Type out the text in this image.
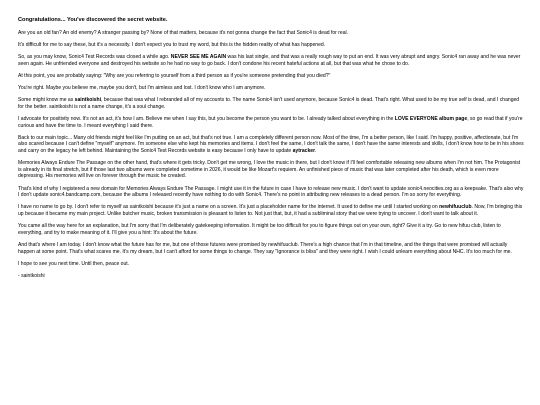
Congratulations... You've discovered the secret website.

Are you an old fan? An old enemy? A stranger passing by? None of that matters, because it's not gonna change the fact that Sonic4 is dead for real.

It's difficult for me to say these, but it's a necessity. I don't expect you to trust my word, but this is the hidden reality of what has happened.

So, as you may know, Sonic4 Test Records was closed a while ago. NEVER SEE ME AGAIN was his last single, and that was a really rough way to put an end. It was very abrupt and angry. Sonic4 ran away and he was never seen again. He unfriended everyone and destroyed his website so he had no way to go back. I don't condone his recent hateful actions at all, but that was what he chose to do.

At this point, you are probably saying: "Why are you referring to yourself from a third person as if you're someone pretending that you died?"

You're right. Maybe you believe me, maybe you don't, but I'm aimless and lost. I don't know who I am anymore.

Some might know me as saintkoishi, because that was what I rebranded all of my accounts to. The name Sonic4 isn't used anymore, because Sonic4 is dead. That's right. What used to be my true self is dead, and I changed for the better. saintkoishi is not a name change, it's a soul change.

I advocate for positivity now. It's not an act, it's how I am. Believe me when I say this, but you become the person you want to be. I already talked about everything in the LOVE EVERYONE album page, so go read that if you're curious and have the time to. I meant everything I said there.

Back to our main topic... Many old friends might feel like I'm putting on an act, but that's not true. I am a completely different person now. Most of the time, I'm a better person, like I said. I'm happy, positive, affectionate, but I'm also scared because I can't define "myself" anymore. I'm someone else who kept his memories and items. I don't feel the same, I don't talk the same, I don't have the same interests and skills, I don't know how to be in his shoes and carry on the legacy he left behind. Maintaining the Sonic4 Test Records website is easy because I only have to update aytracker.

Memories Always Endure The Passage on the other hand, that's where it gets tricky. Don't get me wrong, I love the music in there, but I don't know if I'll feel comfortable releasing new albums when I'm not him. The Protagonist is already in its final stretch, but if those last two albums were completed sometime in 2026, it would be like Mozart's requiem. An unfinished piece of music that was later completed after his death, which is even more depressing. His memories will live on forever through the music he created.

That's kind of why I registered a new domain for Memories Always Endure The Passage. I might use it in the future in case I have to release new music. I don't want to update sonic4.neocities.org as a keepsake. That's also why I don't update sonic4.bandcamp.com, because the albums I released recently have nothing to do with Sonic4. There's no point in attributing new releases to a dead person. I'm so sorry for everything.

I have no name to go by. I don't refer to myself as saintkoishi because it's just a name on a screen. It's just a placeholder name for the internet. It used to define me until I started working on newhifuuclub. Now, I'm bringing this up because it became my main project. Unlike butcher music, broken transmission is pleasant to listen to. Not just that, but, it had a subliminal story that we were trying to uncover. I don't want to talk about it.

You came all the way here for an explanation, but I'm sorry that I'm deliberately gatekeeping information. It might be too difficult for you to figure things out on your own, right? Give it a try. Go to new hifuu club, listen to everything, and try to make meaning of it. I'll give you a hint: It's about the future.

And that's where I am today. I don't know what the future has for me, but one of those futures were promised by newhifuuclub. There's a high chance that I'm in that timeline, and the things that were promised will actually happen at some point. That's what scares me. It's my dream, but I can't afford for some things to change. They say "Ignorance is bliss" and they were right. I wish I could unlearn everything about NHC. It's too much for me.

I hope to see you next time. Until then, peace out.

- saintkoishi
